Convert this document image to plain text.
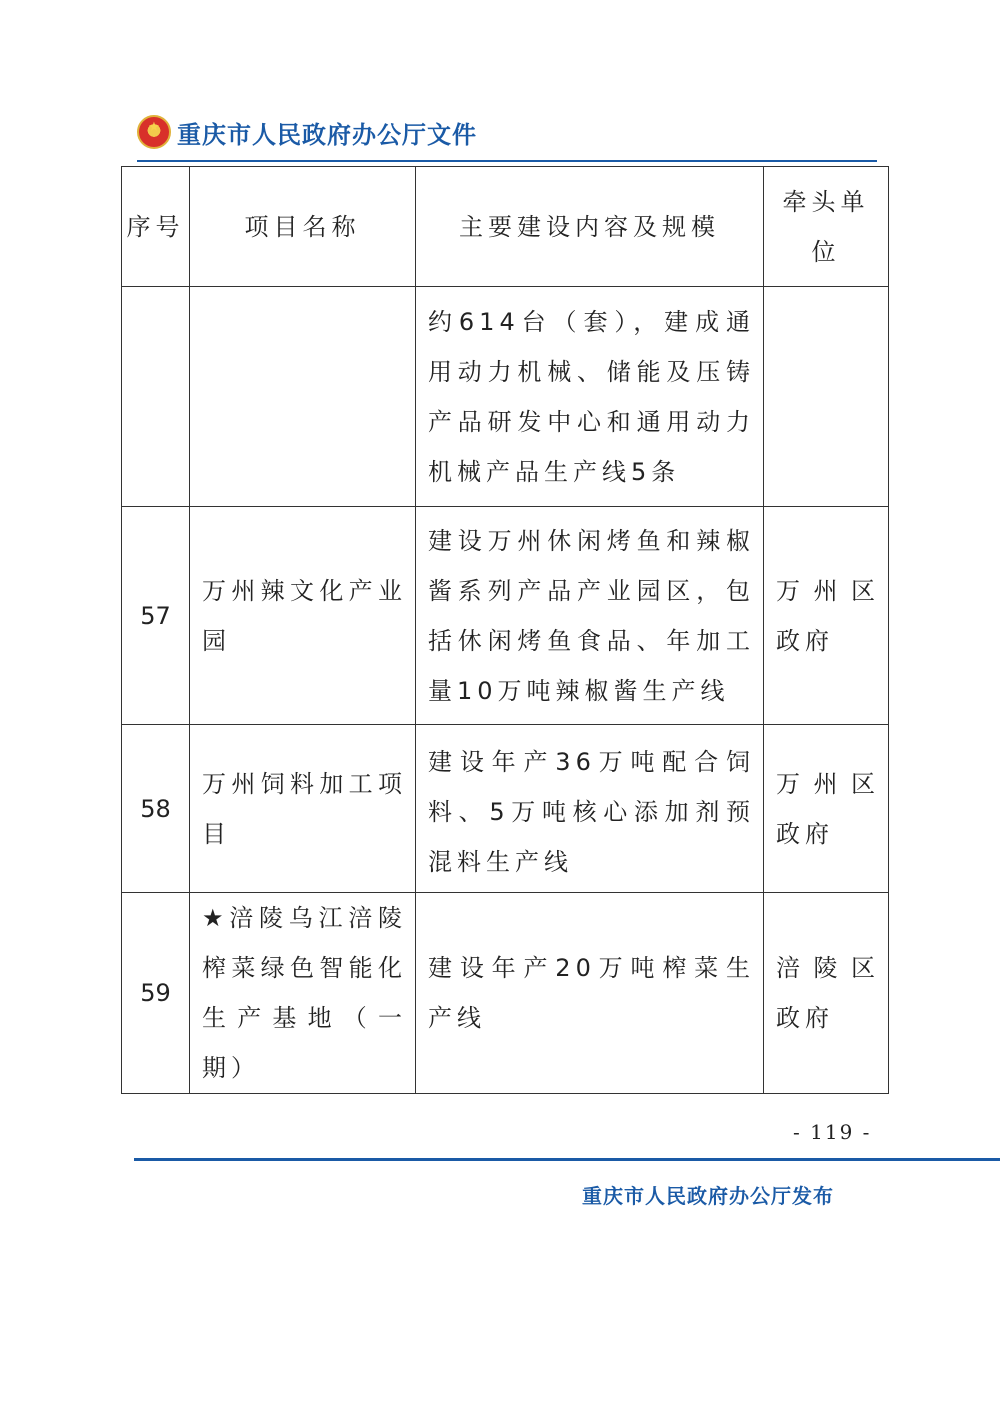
★
重庆市人民政府办公厅文件
序号	项目名称	主要建设内容及规模	牵头单位
		约614台（套），建成通用动力机械、储能及压铸产品研发中心和通用动力机械产品生产线5条	
57	万州辣文化产业园	建设万州休闲烤鱼和辣椒酱系列产品产业园区，包括休闲烤鱼食品、年加工量10万吨辣椒酱生产线	万州区政府
58	万州饲料加工项目	建设年产36万吨配合饲料、5万吨核心添加剂预混料生产线	万州区政府
59	★涪陵乌江涪陵榨菜绿色智能化生产基地（一期）	建设年产20万吨榨菜生产线	涪陵区政府
- 119 -
重庆市人民政府办公厅发布
